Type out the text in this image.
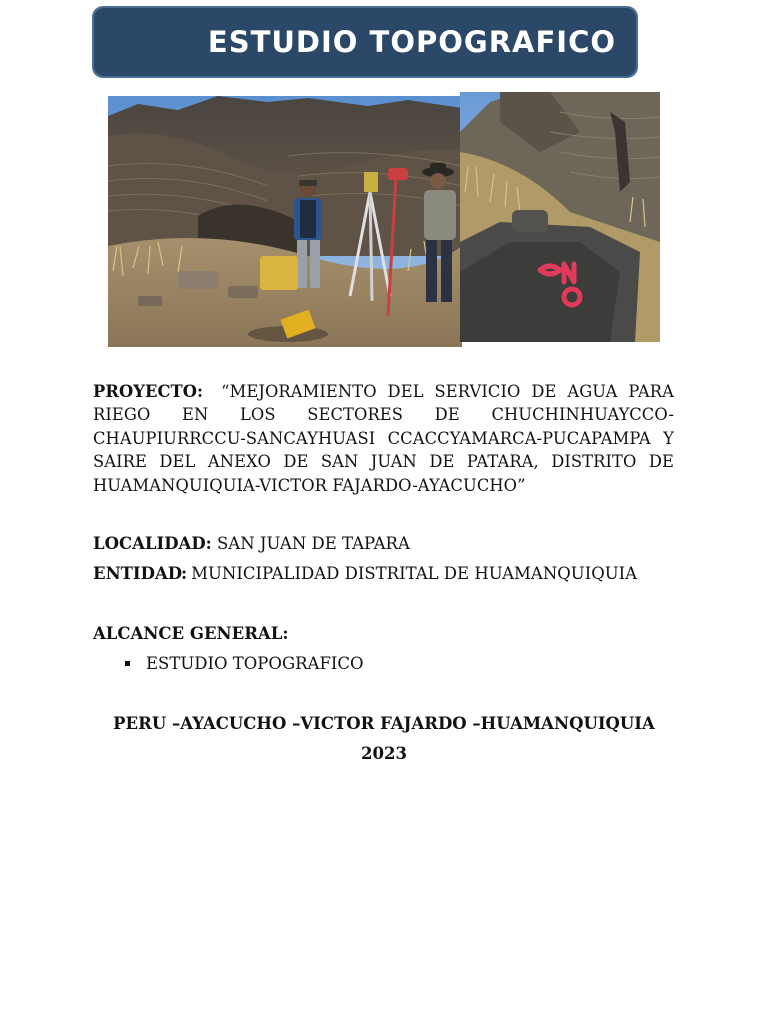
ESTUDIO TOPOGRAFICO
PROYECTO: “MEJORAMIENTO DEL SERVICIO DE AGUA PARA RIEGO EN LOS SECTORES DE CHUCHINHUAYCCO-CHAUPIURRCCU-SANCAYHUASI CCACCYAMARCA-PUCAPAMPA Y SAIRE DEL ANEXO DE SAN JUAN DE PATARA, DISTRITO DE HUAMANQUIQUIA-VICTOR FAJARDO-AYACUCHO”
LOCALIDAD: SAN JUAN DE TAPARA
ENTIDAD: MUNICIPALIDAD DISTRITAL DE HUAMANQUIQUIA
ALCANCE GENERAL:
ESTUDIO TOPOGRAFICO
PERU –AYACUCHO –VICTOR FAJARDO –HUAMANQUIQUIA
2023
